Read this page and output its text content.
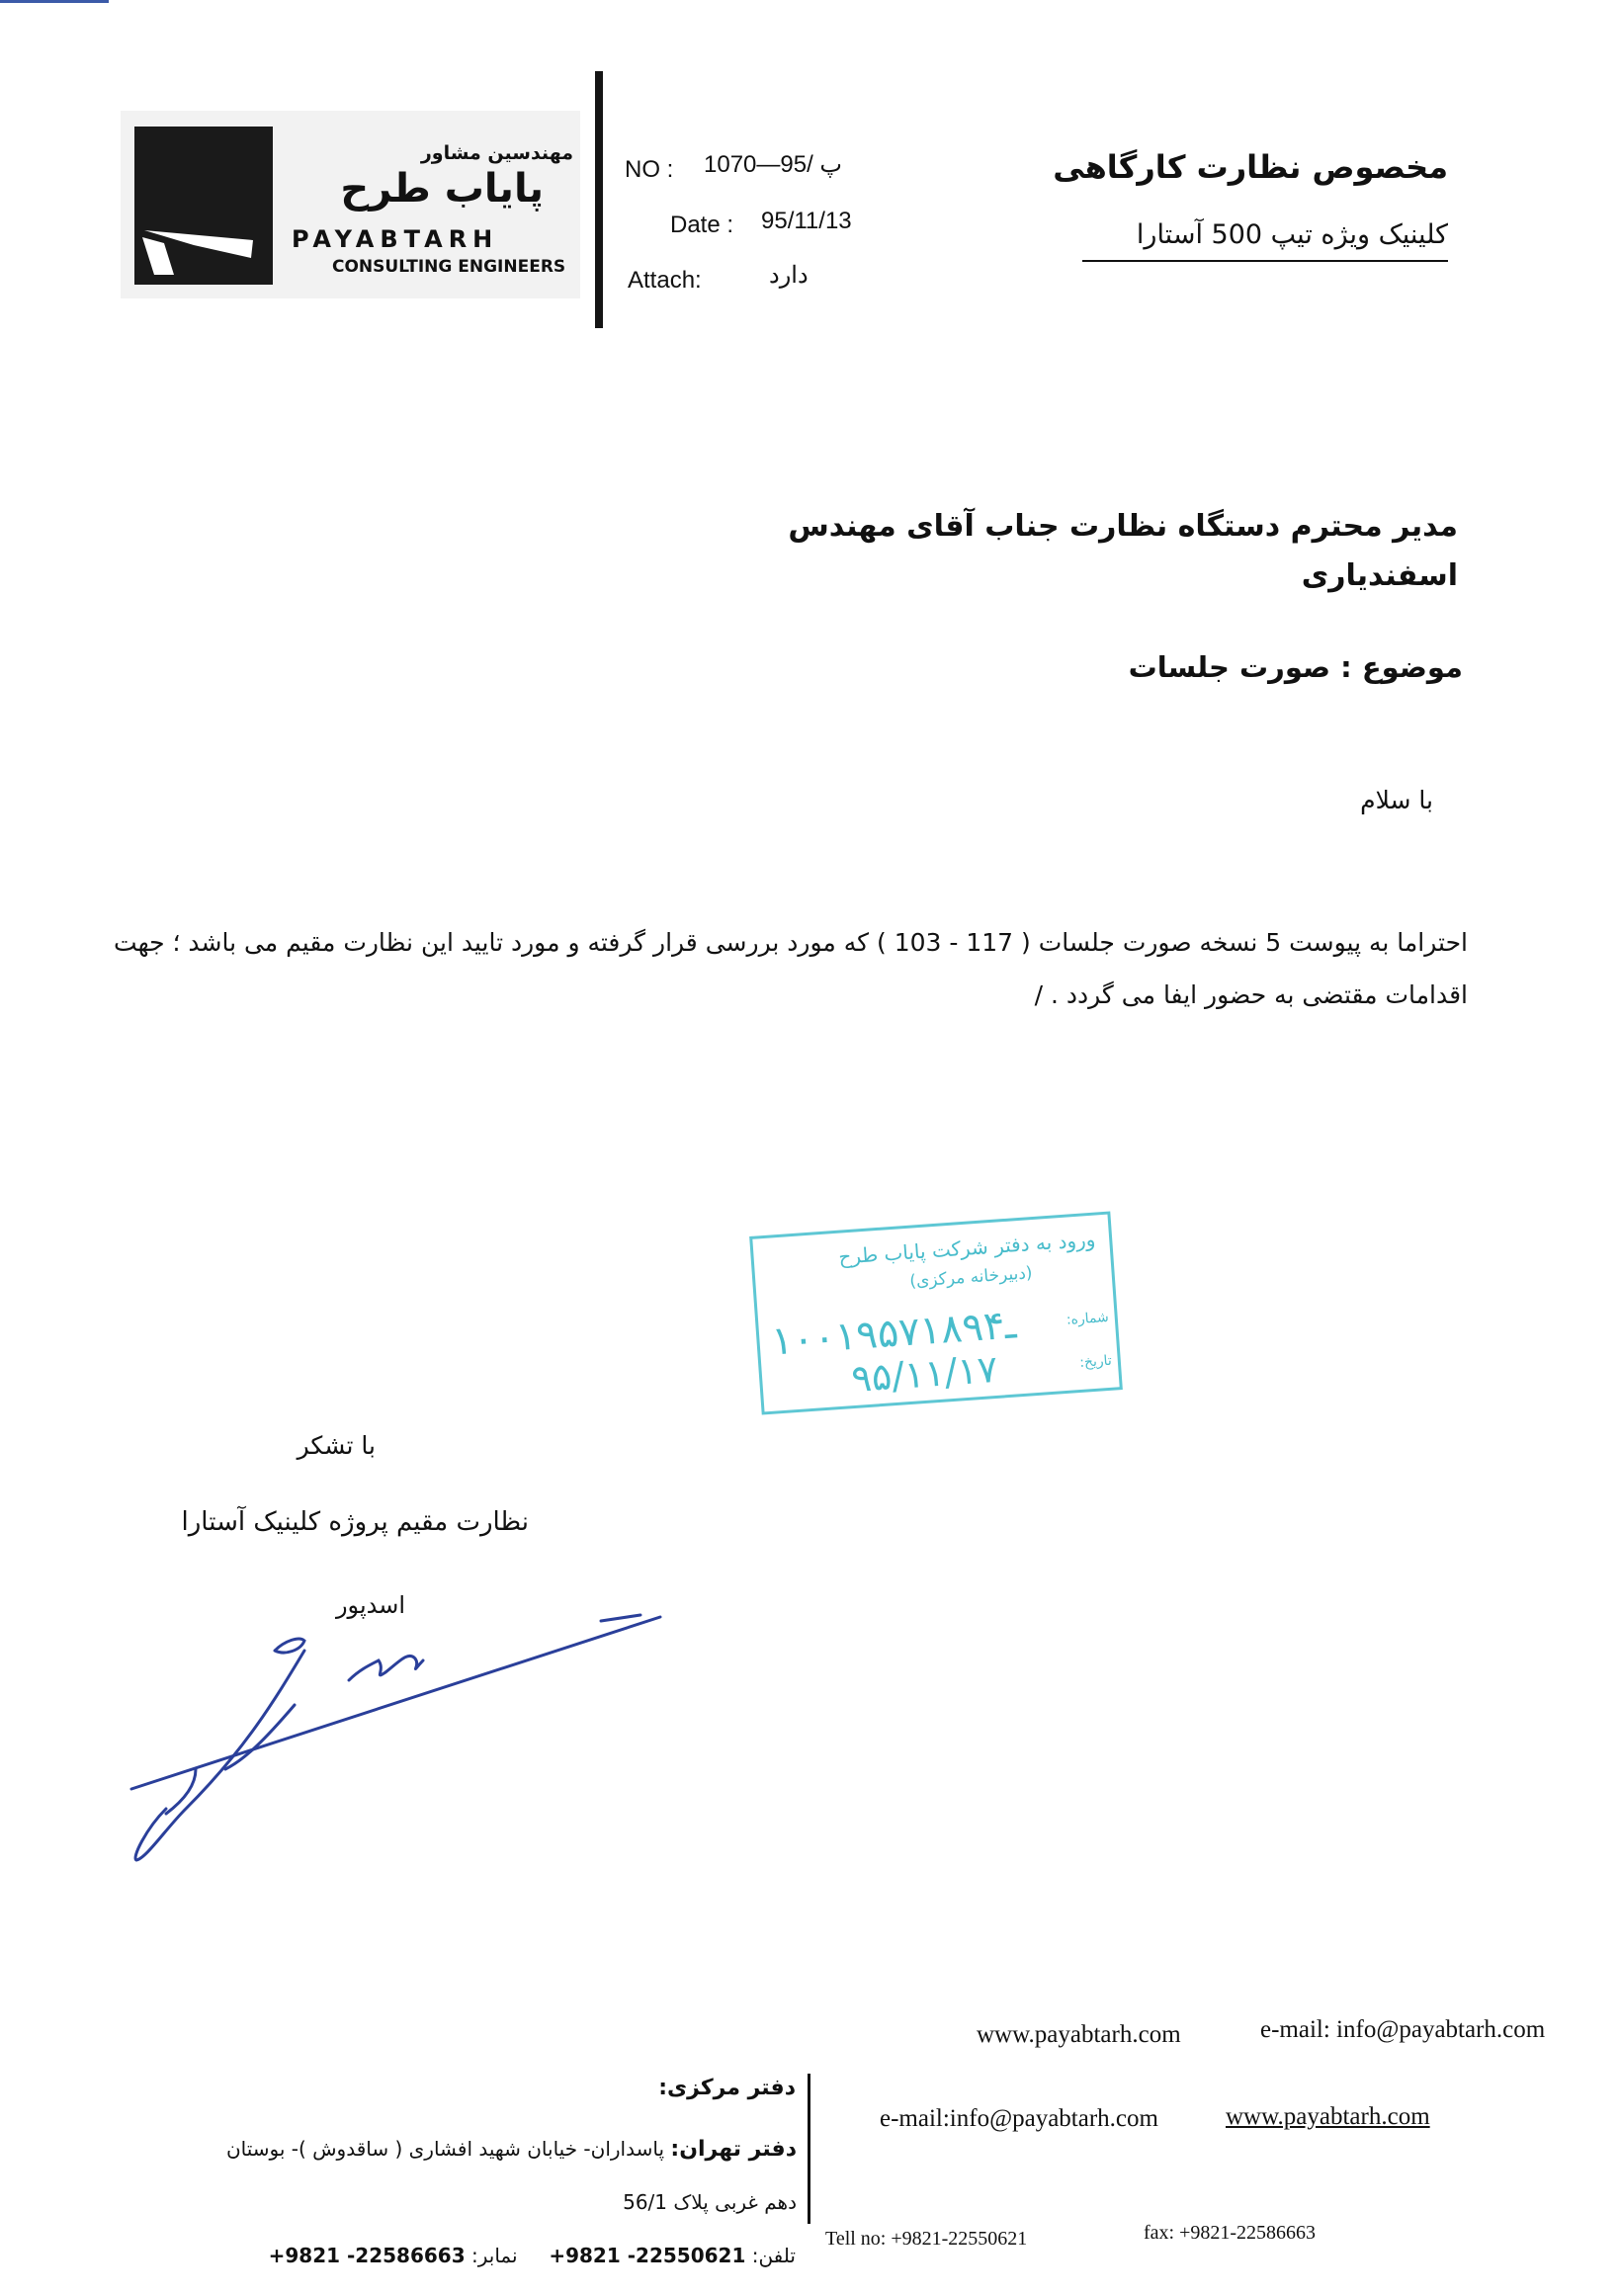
مهندسین مشاور
پایاب طرح
PAYABTARH
CONSULTING ENGINEERS
NO : پ /95—1070
Date : 95/11/13
Attach:	دارد
مخصوص نظارت کارگاهی
کلینیک ویژه تیپ 500 آستارا
مدیر محترم دستگاه نظارت جناب آقای مهندس اسفندیاری
موضوع : صورت جلسات
با سلام
احتراما به پیوست 5 نسخه صورت جلسات ( 117 - 103 ) که مورد بررسی قرار گرفته و مورد تایید این نظارت مقیم می باشد ؛ جهت اقدامات مقتضی به حضور ایفا می گردد . /
ورود به دفتر شرکت پایاب طرح
(دبیرخانه مرکزی)
شماره:
تاریخ:
۱۰۰۱۹۵ـ۷۱۸۹۴
۹۵/۱۱/۱۷
با تشکر
نظارت مقیم پروژه کلینیک آستارا
اسدپور
www.payabtarh.com	e-mail: info@payabtarh.com
دفتر مرکزی:
دفتر تهران: پاسداران- خیابان شهید افشاری ( ساقدوش )- بوستان
دهم غربی پلاک 56/1
تلفن: +9821 -22550621     نمابر: +9821 -22586663
e-mail:info@payabtarh.com	www.payabtarh.com
Tell no: +9821-22550621	fax: +9821-22586663
